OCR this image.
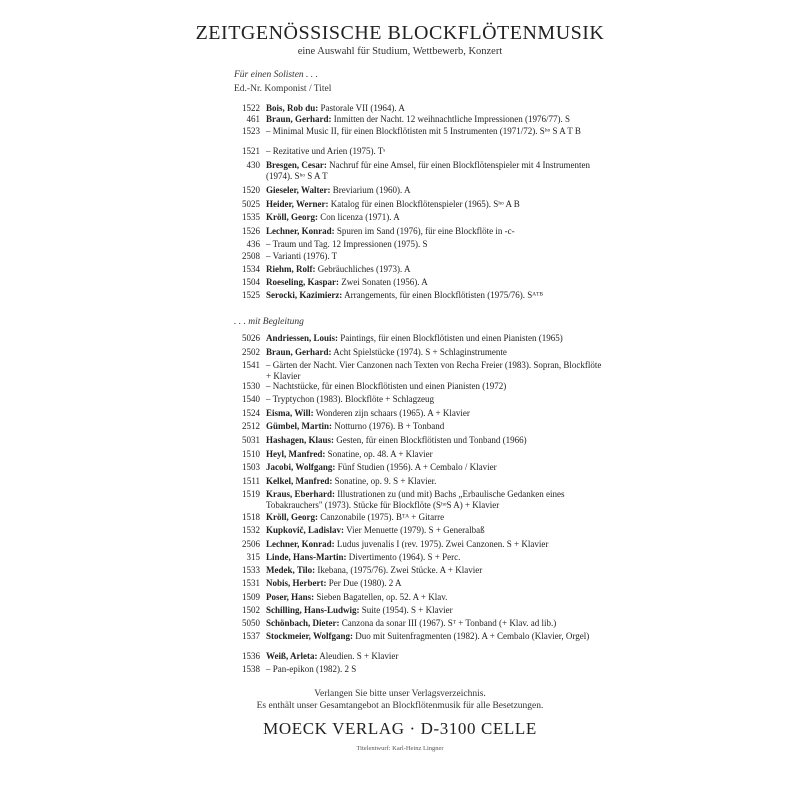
ZEITGENÖSSISCHE BLOCKFLÖTENMUSIK
eine Auswahl für Studium, Wettbewerb, Konzert
Für einen Solisten . . .
Ed.-Nr. Komponist / Titel
1522 Bois, Rob du: Pastorale VII (1964). A
461 Braun, Gerhard: Inmitten der Nacht. 12 weihnachtliche Impressionen (1976/77). S
1523 – Minimal Music II, für einen Blockflötisten mit 5 Instrumenten (1971/72). Sʰᵒ S A T B
1521 – Rezitative und Arien (1975). Tˢ
430 Bresgen, Cesar: Nachruf für eine Amsel, für einen Blockflötenspieler mit 4 Instrumenten (1974). Sʰᵒ S A T
1520 Gieseler, Walter: Breviarium (1960). A
5025 Heider, Werner: Katalog für einen Blockflötenspieler (1965). Sʰᵒ A B
1535 Kröll, Georg: Con licenza (1971). A
1526 Lechner, Konrad: Spuren im Sand (1976), für eine Blockflöte in -c-
436 – Traum und Tag. 12 Impressionen (1975). S
2508 – Varianti (1976). T
1534 Riehm, Rolf: Gebräuchliches (1973). A
1504 Roeseling, Kaspar: Zwei Sonaten (1956). A
1525 Serocki, Kazimierz: Arrangements, für einen Blockflötisten (1975/76). Sᴬᵀᴮ
. . . mit Begleitung
5026 Andriessen, Louis: Paintings, für einen Blockflötisten und einen Pianisten (1965)
2502 Braun, Gerhard: Acht Spielstücke (1974). S + Schlaginstrumente
1541 – Gärten der Nacht. Vier Canzonen nach Texten von Recha Freier (1983). Sopran, Blockflöte + Klavier
1530 – Nachtstücke, für einen Blockflötisten und einen Pianisten (1972)
1540 – Tryptychon (1983). Blockflöte + Schlagzeug
1524 Eisma, Will: Wonderen zijn schaars (1965). A + Klavier
2512 Gümbel, Martin: Notturno (1976). B + Tonband
5031 Hashagen, Klaus: Gesten, für einen Blockflötisten und Tonband (1966)
1510 Heyl, Manfred: Sonatine, op. 48. A + Klavier
1503 Jacobi, Wolfgang: Fünf Studien (1956). A + Cembalo / Klavier
1511 Kelkel, Manfred: Sonatine, op. 9. S + Klavier.
1519 Kraus, Eberhard: Illustrationen zu (und mit) Bachs „Erbaulische Gedanken eines Tobakrauchers" (1973). Stücke für Blockflöte (SʰᵒS A) + Klavier
1518 Kröll, Georg: Canzonabile (1975). Bᵀᴬ + Gitarre
1532 Kupkovič, Ladislav: Vier Menuette (1979). S + Generalbaß
2506 Lechner, Konrad: Ludus juvenalis I (rev. 1975). Zwei Canzonen. S + Klavier
315 Linde, Hans-Martin: Divertimento (1964). S + Perc.
1533 Medek, Tilo: Ikebana, (1975/76). Zwei Stücke. A + Klavier
1531 Nobis, Herbert: Per Due (1980). 2 A
1509 Poser, Hans: Sieben Bagatellen, op. 52. A + Klav.
1502 Schilling, Hans-Ludwig: Suite (1954). S + Klavier
5050 Schönbach, Dieter: Canzona da sonar III (1967). Sᵀ + Tonband (+ Klav. ad lib.)
1537 Stockmeier, Wolfgang: Duo mit Suitenfragmenten (1982). A + Cembalo (Klavier, Orgel)
1536 Weiß, Arleta: Aleudien. S + Klavier
1538 – Pan-epikon (1982). 2 S
Verlangen Sie bitte unser Verlagsverzeichnis.
Es enthält unser Gesamtangebot an Blockflötenmusik für alle Besetzungen.
MOECK VERLAG · D-3100 CELLE
Titelentwurf: Karl-Heinz Lingner
